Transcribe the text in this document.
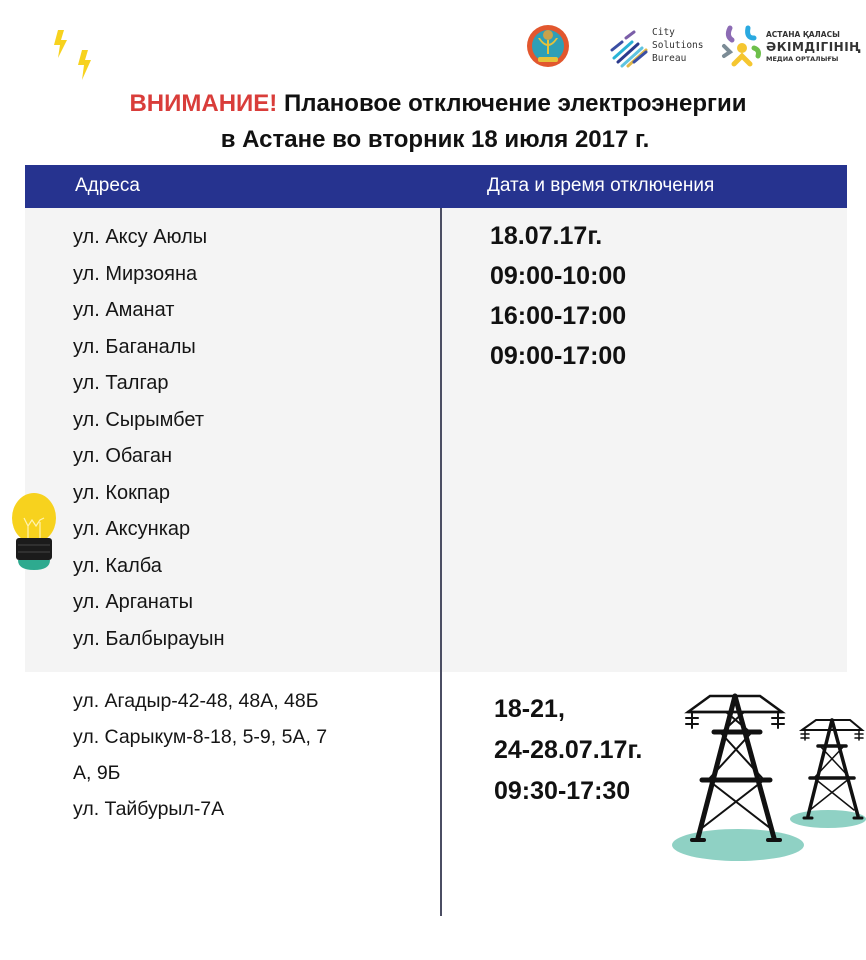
City
Solutions
Bureau
АСТАНА ҚАЛАСЫ
ӘКІМДІГІНІҢ
МЕДИА ОРТАЛЫҒЫ
ВНИМАНИЕ! Плановое отключение электроэнергии
в Астане во вторник 18 июля 2017 г.
Адреса	Дата и время отключения
ул. Аксу Аюлы
ул. Мирзояна
ул. Аманат
ул. Баганалы
ул. Талгар
ул. Сырымбет
ул. Обаган
ул. Кокпар
ул. Аксункар
ул. Калба
ул. Арганаты
ул. Балбырауын
18.07.17г.
09:00-10:00
16:00-17:00
09:00-17:00
ул. Агадыр-42-48, 48А, 48Б
ул. Сарыкум-8-18, 5-9, 5А, 7
А, 9Б
ул. Тайбурыл-7А
18-21,
24-28.07.17г.
09:30-17:30
